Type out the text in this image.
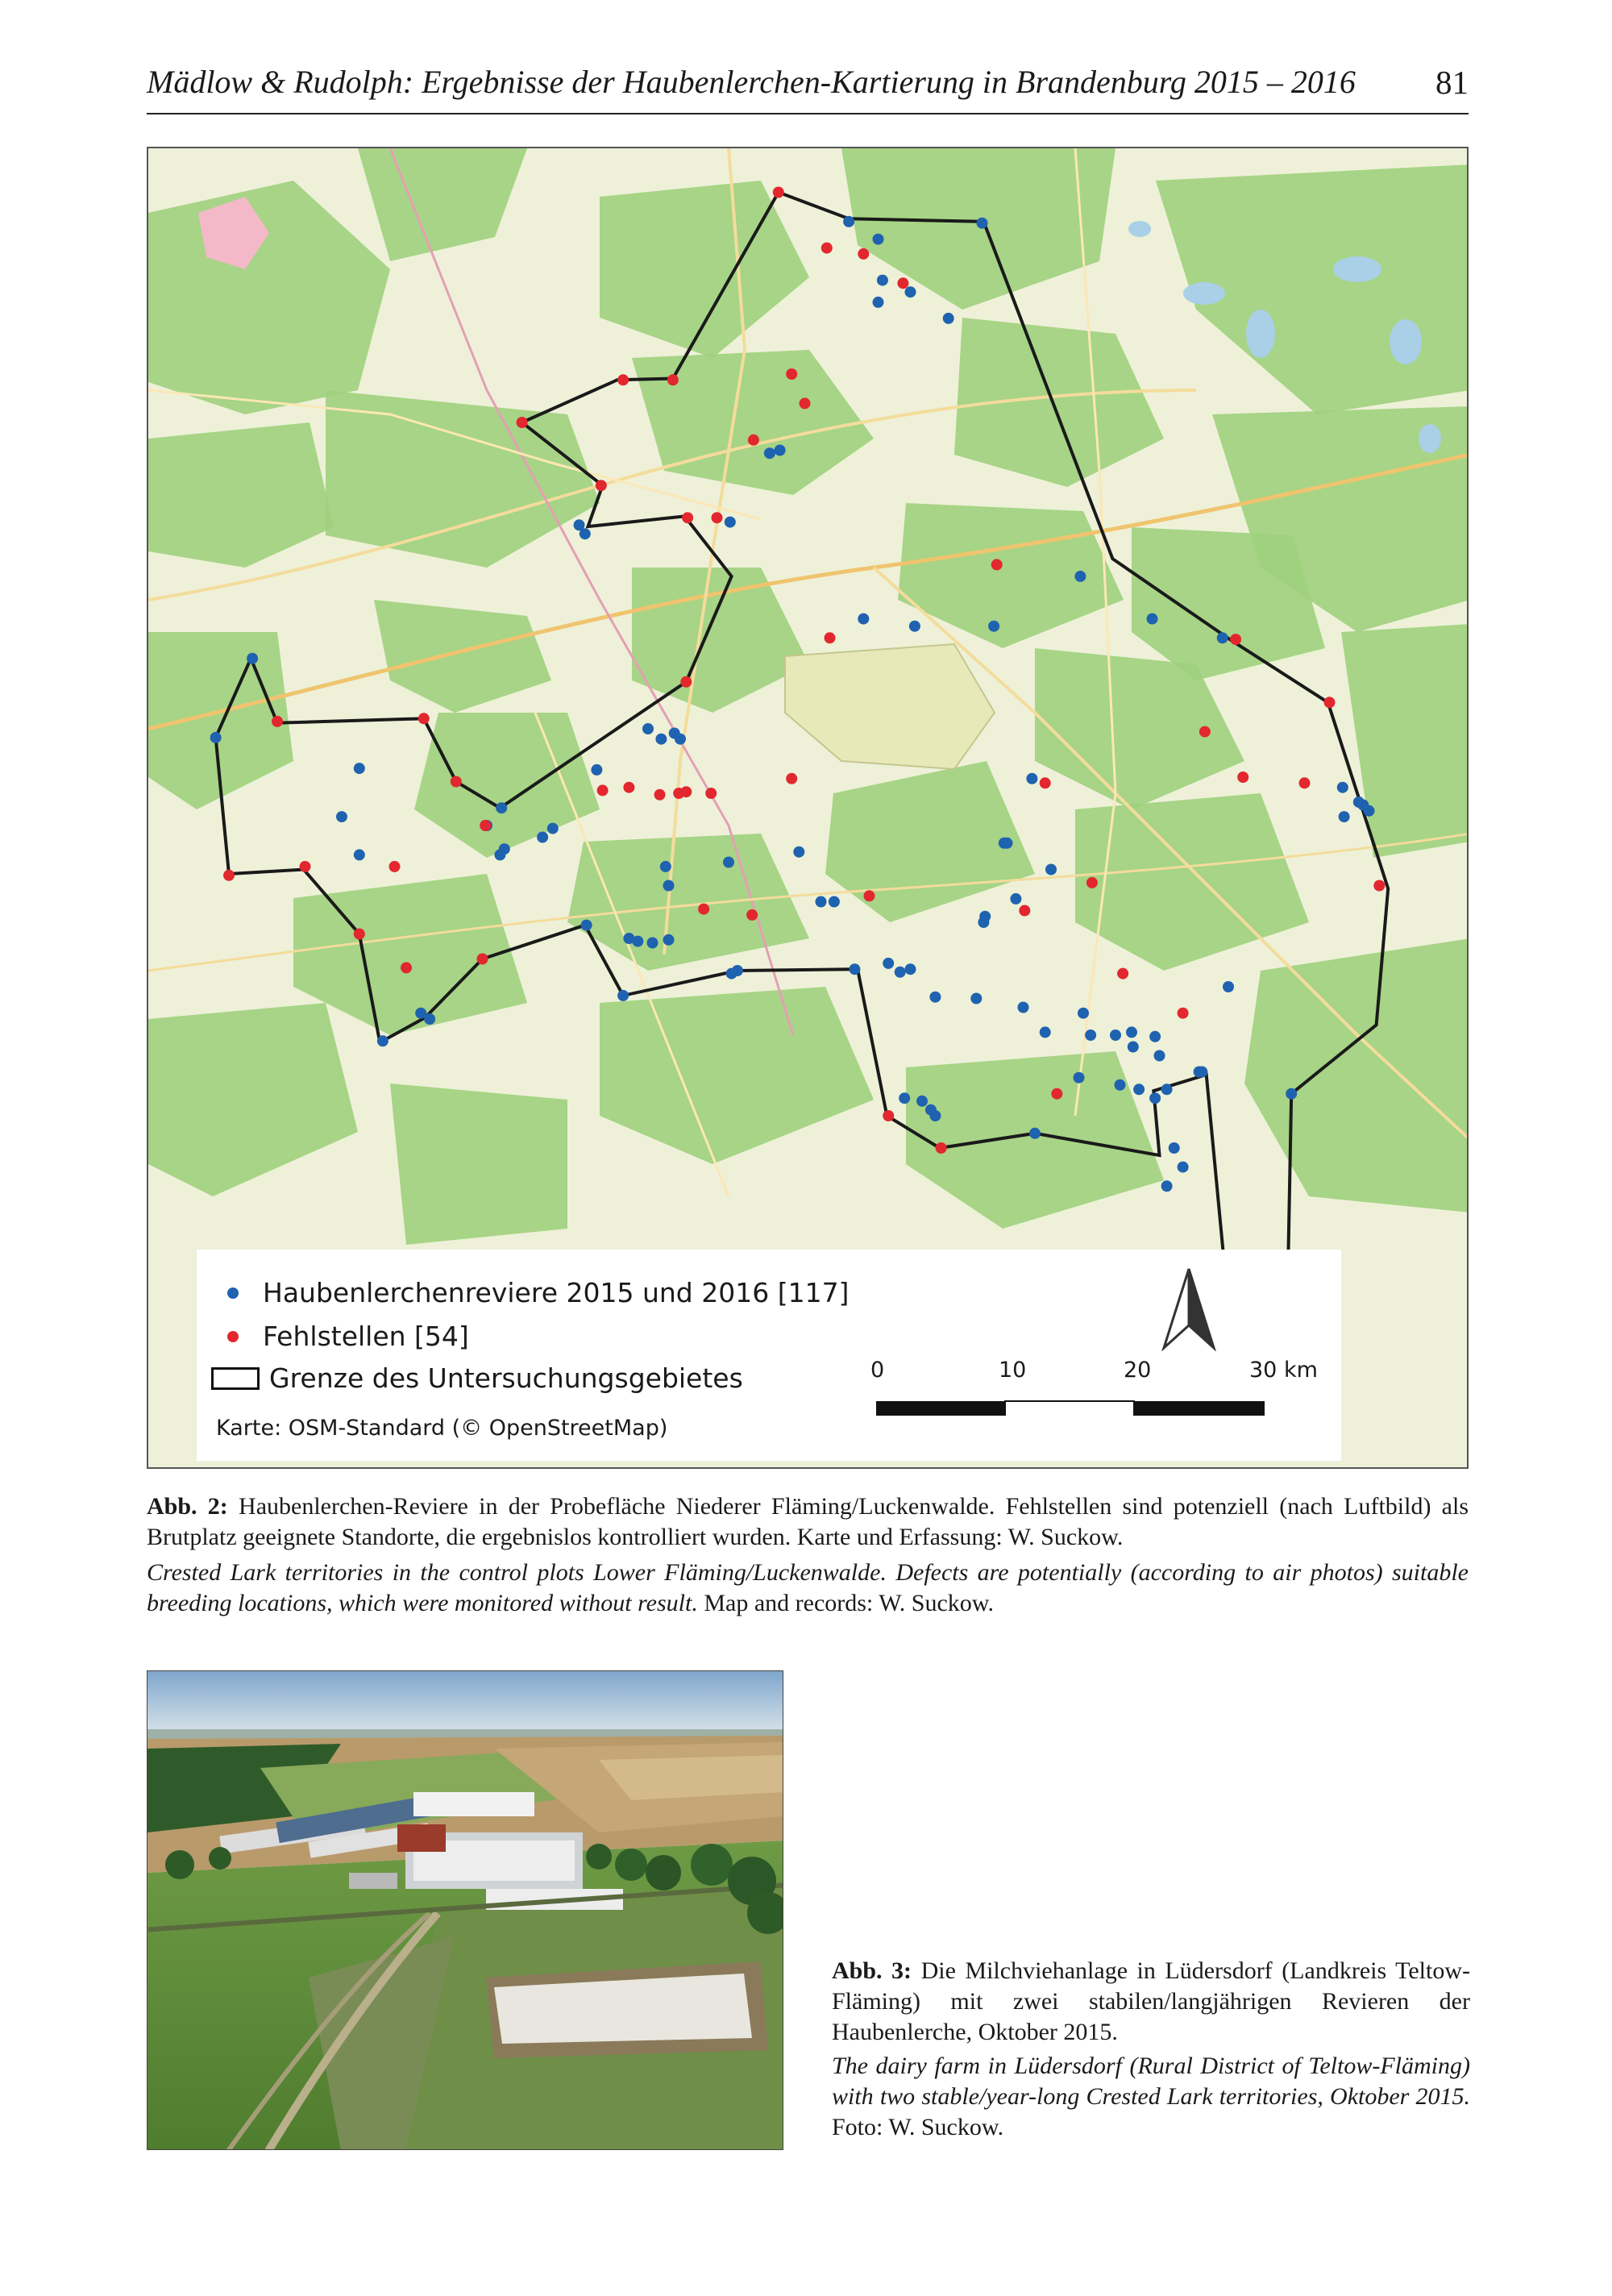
Mädlow & Rudolph: Ergebnisse der Haubenlerchen-Kartierung in Brandenburg 2015 – 2016 81
Haubenlerchenreviere 2015 und 2016 [117]
Fehlstellen [54]
Grenze des Untersuchungsgebietes
Karte: OSM-Standard (© OpenStreetMap)
0	10	20	30 km

Abb. 2: Haubenlerchen-Reviere in der Probefläche Niederer Fläming/Luckenwalde. Fehlstellen sind potenziell (nach Luftbild) als Brutplatz geeignete Standorte, die ergebnislos kontrolliert wurden. Karte und Erfassung: W. Suckow.

Crested Lark territories in the control plots Lower Fläming/Luckenwalde. Defects are potentially (according to air photos) suitable breeding locations, which were monitored without result. Map and records: W. Suckow.

Abb. 3: Die Milchviehanlage in Lüdersdorf (Landkreis Teltow-Fläming) mit zwei stabilen/langjährigen Revieren der Haubenlerche, Oktober 2015.

The dairy farm in Lüdersdorf (Rural District of Teltow-Fläming) with two stable/year-long Crested Lark territories, Oktober 2015. Foto: W. Suckow.
